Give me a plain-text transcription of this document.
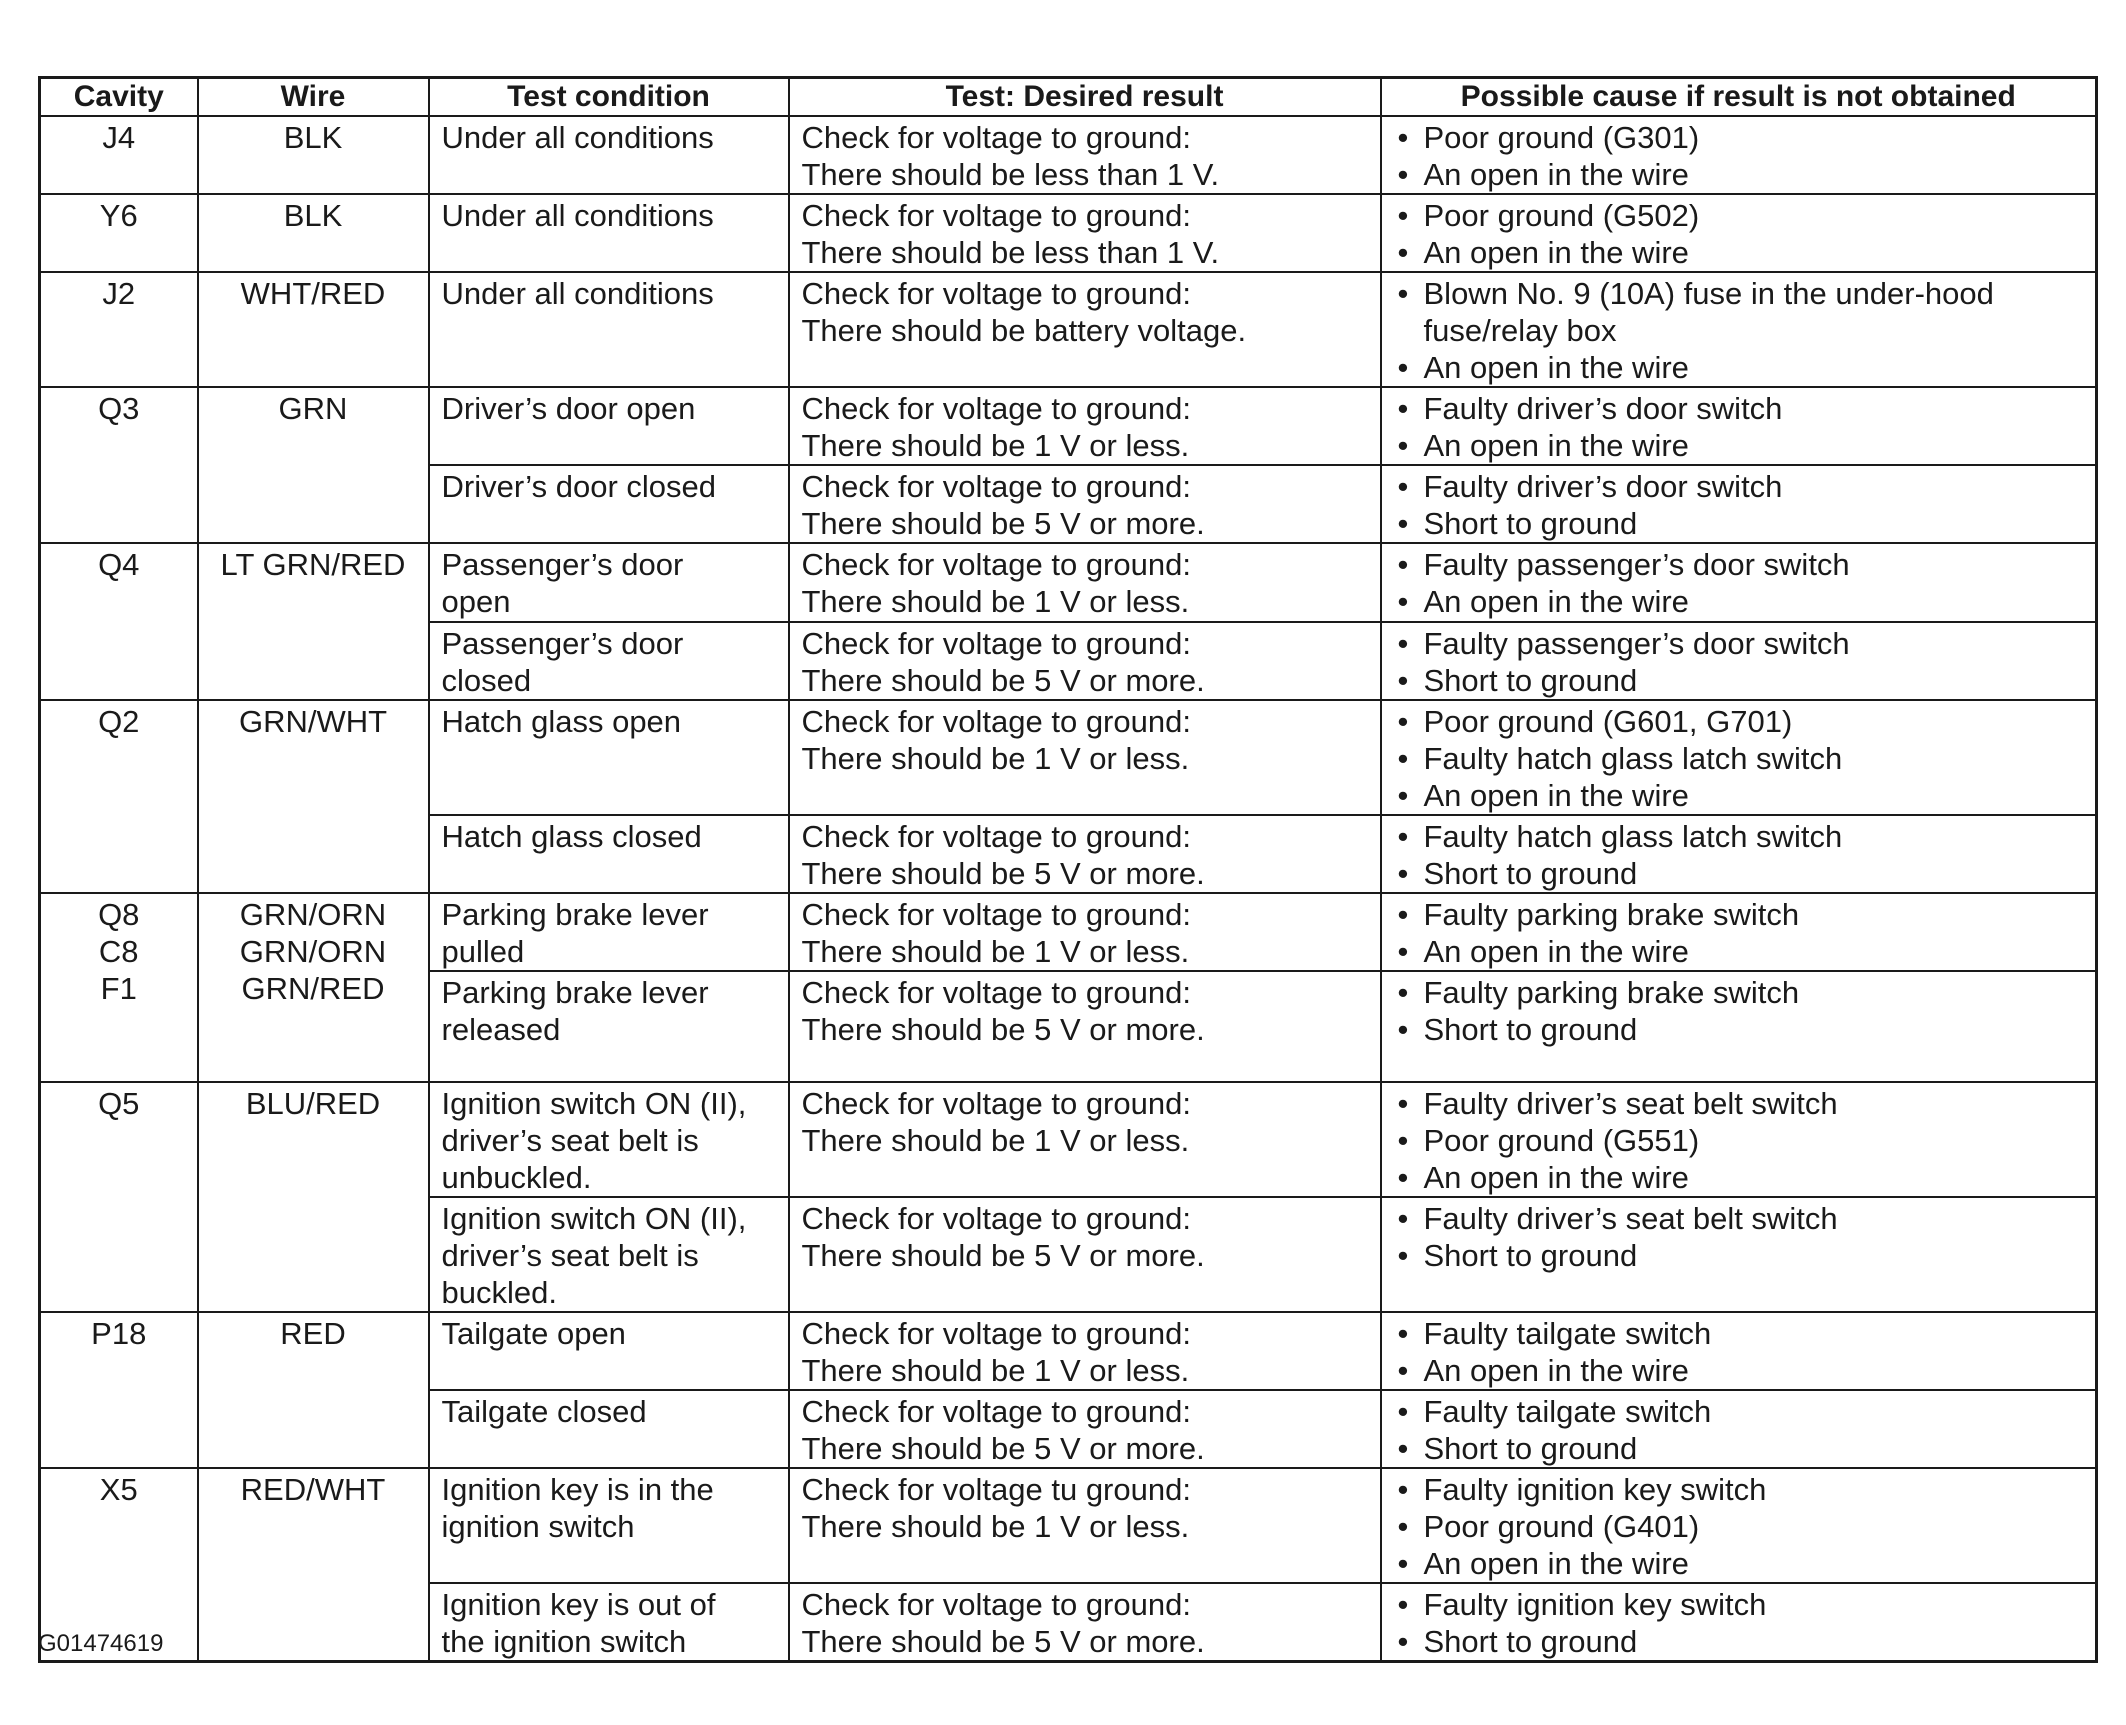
Cavity	Wire	Test condition	Test: Desired result	Possible cause if result is not obtained

J4	BLK	Under all conditions	Check for voltage to ground:
There should be less than 1 V.	• Poor ground (G301)
• An open in the wire

Y6	BLK	Under all conditions	Check for voltage to ground:
There should be less than 1 V.	• Poor ground (G502)
• An open in the wire

J2	WHT/RED	Under all conditions	Check for voltage to ground:
There should be battery voltage.	• Blown No. 9 (10A) fuse in the under-hood fuse/relay box
• An open in the wire

Q3	GRN	Driver’s door open	Check for voltage to ground:
There should be 1 V or less.	• Faulty driver’s door switch
• An open in the wire

		Driver’s door closed	Check for voltage to ground:
There should be 5 V or more.	• Faulty driver’s door switch
• Short to ground

Q4	LT GRN/RED	Passenger’s door
open	Check for voltage to ground:
There should be 1 V or less.	• Faulty passenger’s door switch
• An open in the wire

		Passenger’s door
closed	Check for voltage to ground:
There should be 5 V or more.	• Faulty passenger’s door switch
• Short to ground

Q2	GRN/WHT	Hatch glass open	Check for voltage to ground:
There should be 1 V or less.	• Poor ground (G601, G701)
• Faulty hatch glass latch switch
• An open in the wire

		Hatch glass closed	Check for voltage to ground:
There should be 5 V or more.	• Faulty hatch glass latch switch
• Short to ground

Q8
C8
F1	GRN/ORN
GRN/ORN
GRN/RED	Parking brake lever
pulled	Check for voltage to ground:
There should be 1 V or less.	• Faulty parking brake switch
• An open in the wire

		Parking brake lever
released	Check for voltage to ground:
There should be 5 V or more.	• Faulty parking brake switch
• Short to ground

Q5	BLU/RED	Ignition switch ON (II),
driver’s seat belt is
unbuckled.	Check for voltage to ground:
There should be 1 V or less.	• Faulty driver’s seat belt switch
• Poor ground (G551)
• An open in the wire

		Ignition switch ON (II),
driver’s seat belt is
buckled.	Check for voltage to ground:
There should be 5 V or more.	• Faulty driver’s seat belt switch
• Short to ground

P18	RED	Tailgate open	Check for voltage to ground:
There should be 1 V or less.	• Faulty tailgate switch
• An open in the wire

		Tailgate closed	Check for voltage to ground:
There should be 5 V or more.	• Faulty tailgate switch
• Short to ground

X5	RED/WHT	Ignition key is in the
ignition switch	Check for voltage tu ground:
There should be 1 V or less.	• Faulty ignition key switch
• Poor ground (G401)
• An open in the wire

		Ignition key is out of
the ignition switch	Check for voltage to ground:
There should be 5 V or more.	• Faulty ignition key switch
• Short to ground
G01474619
